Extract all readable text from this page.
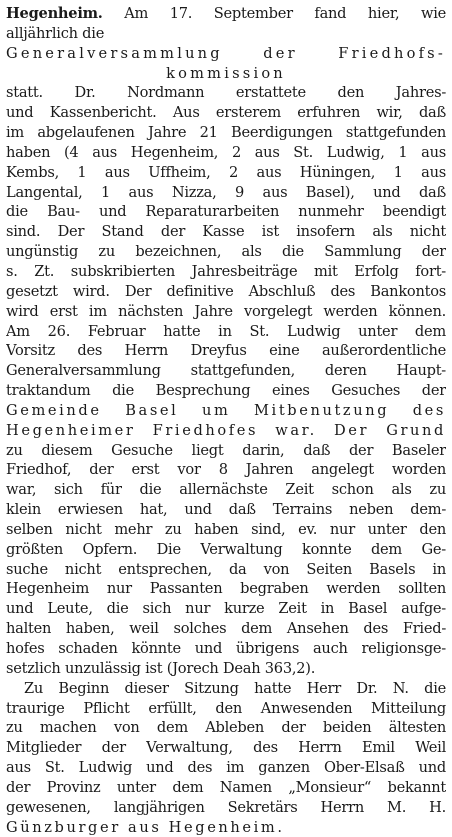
Hegenheim. Am 17. September fand hier, wie
alljährlich die
Generalversammlung der Friedhofs-
kommission
statt. Dr. Nordmann erstattete den Jahres-
und Kassenbericht. Aus ersterem erfuhren wir, daß
im abgelaufenen Jahre 21 Beerdigungen stattgefunden
haben (4 aus Hegenheim, 2 aus St. Ludwig, 1 aus
Kembs, 1 aus Uffheim, 2 aus Hüningen, 1 aus
Langental, 1 aus Nizza, 9 aus Basel), und daß
die Bau- und Reparaturarbeiten nunmehr beendigt
sind. Der Stand der Kasse ist insofern als nicht
ungünstig zu bezeichnen, als die Sammlung der
s. Zt. subskribierten Jahresbeiträge mit Erfolg fort-
gesetzt wird. Der definitive Abschluß des Bankontos
wird erst im nächsten Jahre vorgelegt werden können.
Am 26. Februar hatte in St. Ludwig unter dem
Vorsitz des Herrn Dreyfus eine außerordentliche
Generalversammlung stattgefunden, deren Haupt-
traktandum die Besprechung eines Gesuches der
Gemeinde Basel um Mitbenutzung des
Hegenheimer Friedhofes war. Der Grund
zu diesem Gesuche liegt darin, daß der Baseler
Friedhof, der erst vor 8 Jahren angelegt worden
war, sich für die allernächste Zeit schon als zu
klein erwiesen hat, und daß Terrains neben dem-
selben nicht mehr zu haben sind, ev. nur unter den
größten Opfern. Die Verwaltung konnte dem Ge-
suche nicht entsprechen, da von Seiten Basels in
Hegenheim nur Passanten begraben werden sollten
und Leute, die sich nur kurze Zeit in Basel aufge-
halten haben, weil solches dem Ansehen des Fried-
hofes schaden könnte und übrigens auch religionsge-
setzlich unzulässig ist (Jorech Deah 363,2).
Zu Beginn dieser Sitzung hatte Herr Dr. N. die
traurige Pflicht erfüllt, den Anwesenden Mitteilung
zu machen von dem Ableben der beiden ältesten
Mitglieder der Verwaltung, des Herrn Emil Weil
aus St. Ludwig und des im ganzen Ober-Elsaß und
der Provinz unter dem Namen „Monsieur“ bekannt
gewesenen, langjährigen Sekretärs Herrn M. H.
Günzburger aus Hegenheim.
